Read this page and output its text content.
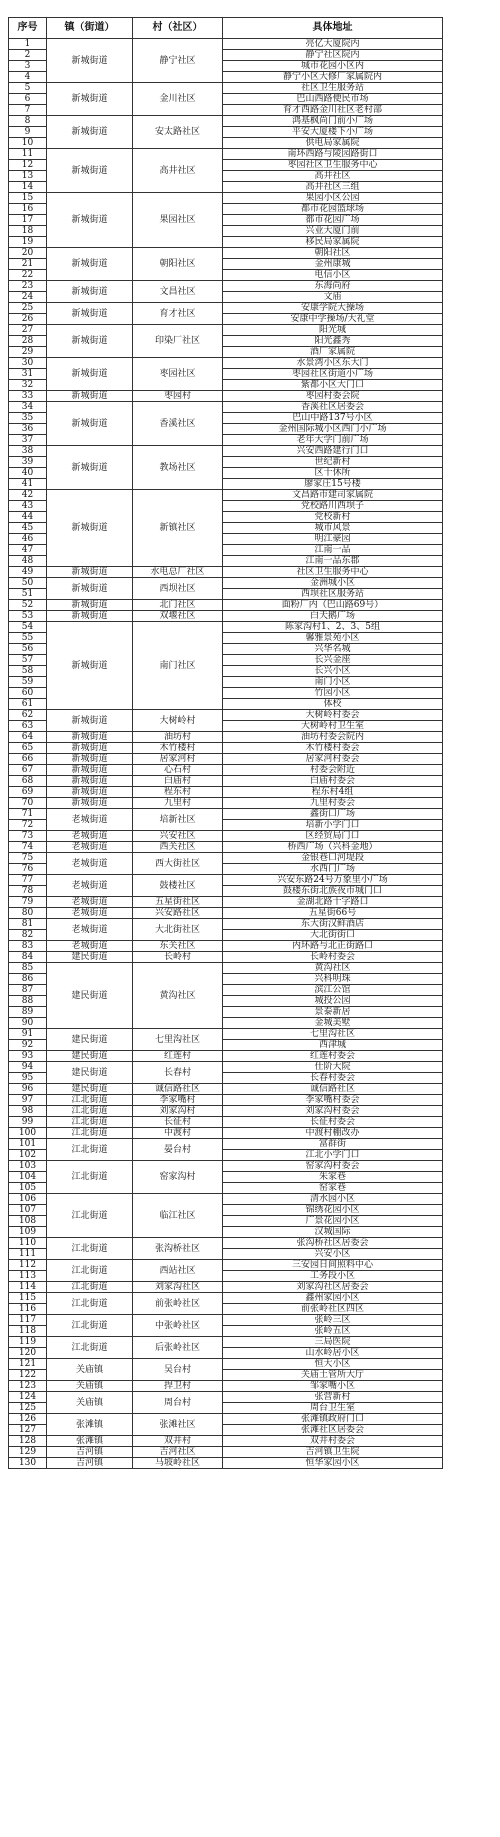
序号	镇（街道）	村（社区）	具体地址
1	新城街道	静宁社区	亮亿大厦院内
2			静宁社区院内
3			城市花园小区内
4			静宁小区大修厂家属院内
5	新城街道	金川社区	社区卫生服务站
6			巴山西路便民市场
7			育才西路金川社区老村部
8	新城街道	安太路社区	鸿基枫尚门前小广场
9			平安大厦楼下小广场
10			供电局家属院
11	新城街道	高井社区	南环西路与陵园路街口
12			枣园社区卫生服务中心
13			高井社区
14			高井社区三组
15	新城街道	果园社区	果园小区公园
16			都市花园篮球场
17			都市花园广场
18			兴业大厦门前
19			移民局家属院
20	新城街道	朝阳社区	朝阳社区
21			金州康城
22			电信小区
23	新城街道	文昌社区	东海尚府
24			文庙
25	新城街道	育才社区	安康学院大操场
26			安康中学操场/大礼堂
27	新城街道	印染厂社区	阳光城
28			阳光鑫秀
29			酒厂家属院
30	新城街道	枣园社区	水景湾小区东大门
31			枣园社区街道小广场
32			紫都小区大门口
33	新城街道	枣园村	枣园村委会院
34	新城街道	香溪社区	香溪社区居委会
35			巴山中路137号小区
36			金州国际城小区西门小广场
37			老年大学门前广场
38	新城街道	教场社区	兴安西路建行门口
39			世纪新村
40			区十休所
41			廖家庄15号楼
42	新城街道	新镇社区	文昌路市建司家属院
43			党校路川西坝子
44			党校新村
45			城市风景
46			明江豪园
47			江南一品
48			江南一品东郡
49	新城街道	水电总厂社区	社区卫生服务中心
50	新城街道	西坝社区	金洲城小区
51			西坝社区服务站
52	新城街道	北门社区	面粉厂内（巴山路69号）
53	新城街道	双堰社区	白天鹅广场
54	新城街道	南门社区	陈家沟村1、2、3、5组
55			馨雅景苑小区
56			兴华名城
57			长兴金座
58			长兴小区
59			南门小区
60			竹园小区
61			体校
62	新城街道	大树岭村	大树岭村委会
63			大树岭村卫生室
64	新城街道	油坊村	油坊村委会院内
65	新城街道	木竹楼村	木竹楼村委会
66	新城街道	居家河村	居家河村委会
67	新城街道	心石村	村委会附近
68	新城街道	白庙村	白庙村委会
69	新城街道	程东村	程东村4组
70	新城街道	九里村	九里村委会
71	老城街道	培新社区	鑫街口广场
72			培新小学门口
73	老城街道	兴安社区	区经贸局门口
74	老城街道	西关社区	桥西广场（兴科金地）
75	老城街道	西大街社区	金银巷口河堤段
76			水西门广场
77	老城街道	鼓楼社区	兴安东路24号万象里小广场
78			鼓楼东街北族夜市城门口
79	老城街道	五星街社区	金湖北路十字路口
80	老城街道	兴安路社区	五星街66号
81	老城街道	大北街社区	东大街汉鲜酒店
82			大北街街口
83	老城街道	东关社区	内环路与北正街路口
84	建民街道	长岭村	长岭村委会
85	建民街道	黄沟社区	黄沟社区
86			兴科明珠
87			滨江公馆
88			城投公园
89			景泰新居
90			金城美墅
91	建民街道	七里沟社区	七里沟社区
92			西津城
93	建民街道	红莲村	红莲村委会
94	建民街道	长春村	仕阶大院
95			长春村委会
96	建民街道	诚信路社区	诚信路社区
97	江北街道	李家嘴村	李家嘴村委会
98	江北街道	刘家沟村	刘家沟村委会
99	江北街道	长征村	长征村委会
100	江北街道	中渡村	中渡村棚改办
101	江北街道	晏台村	富群街
102			江北小学门口
103	江北街道	窑家沟村	窑家沟村委会
104			朱家巷
105			窑家巷
106	江北街道	临江社区	清水园小区
107			锦绣花园小区
108			广景花园小区
109			汉城国际
110	江北街道	张沟桥社区	张沟桥社区居委会
111			兴安小区
112	江北街道	西站社区	三安园日间照料中心
113			工务段小区
114	江北街道	刘家沟社区	刘家沟社区居委会
115	江北街道	前张岭社区	鑫州家园小区
116			前张岭社区四区
117	江北街道	中张岭社区	张岭三区
118			张岭五区
119	江北街道	后张岭社区	三局医院
120			山水岭居小区
121	关庙镇	吴台村	恒大小区
122			关庙土管所大厅
123	关庙镇	捍卫村	邹家嘴小区
124	关庙镇	周台村	张营新村
125			周台卫生室
126	张滩镇	张滩社区	张滩镇政府门口
127			张滩社区居委会
128	张滩镇	双井村	双井村委会
129	吉河镇	吉河社区	吉河镇卫生院
130	吉河镇	马坡岭社区	恒华家园小区
